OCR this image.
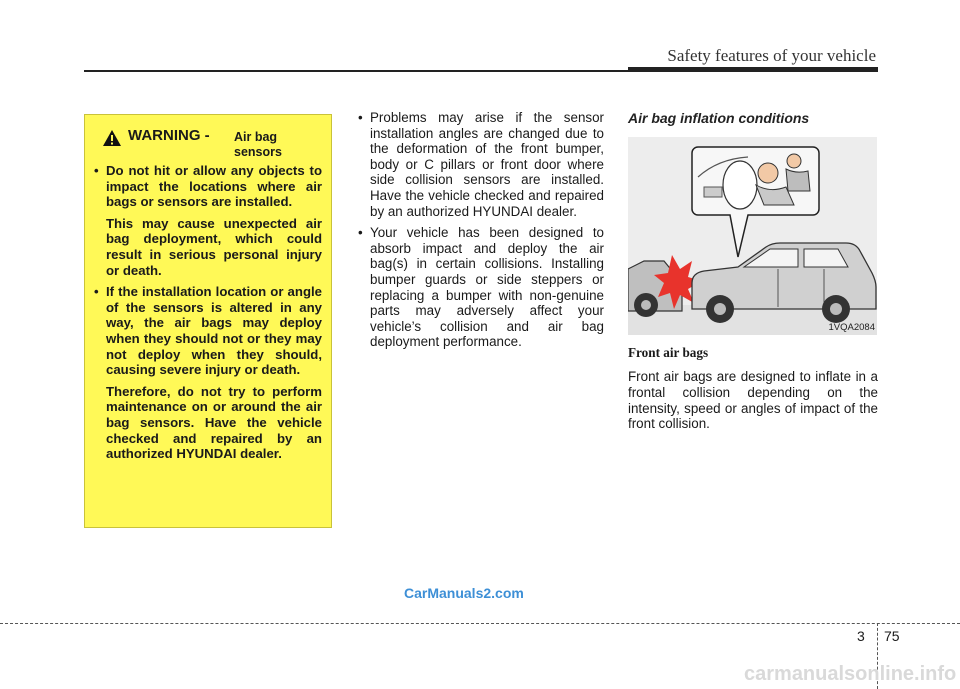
Safety features of your vehicle
WARNING - Air bag sensors

• Do not hit or allow any objects to impact the locations where air bags or sensors are installed.

This may cause unexpected air bag deployment, which could result in serious personal injury or death.

• If the installation location or angle of the sensors is altered in any way, the air bags may deploy when they should not or they may not deploy when they should, causing severe injury or death.

Therefore, do not try to perform maintenance on or around the air bag sensors. Have the vehicle checked and repaired by an authorized HYUNDAI dealer.

• Problems may arise if the sensor installation angles are changed due to the deformation of the front bumper, body or C pillars or front door where side collision sensors are installed. Have the vehicle checked and repaired by an authorized HYUNDAI dealer.
• Your vehicle has been designed to absorb impact and deploy the air bag(s) in certain collisions. Installing bumper guards or side steppers or replacing a bumper with non-genuine parts may adversely affect your vehicle’s collision and air bag deployment performance.
Air bag inflation conditions
1VQA2084
Front air bags

Front air bags are designed to inflate in a frontal collision depending on the intensity, speed or angles of impact of the front collision.

CarManuals2.com
3 75
carmanualsonline.info
